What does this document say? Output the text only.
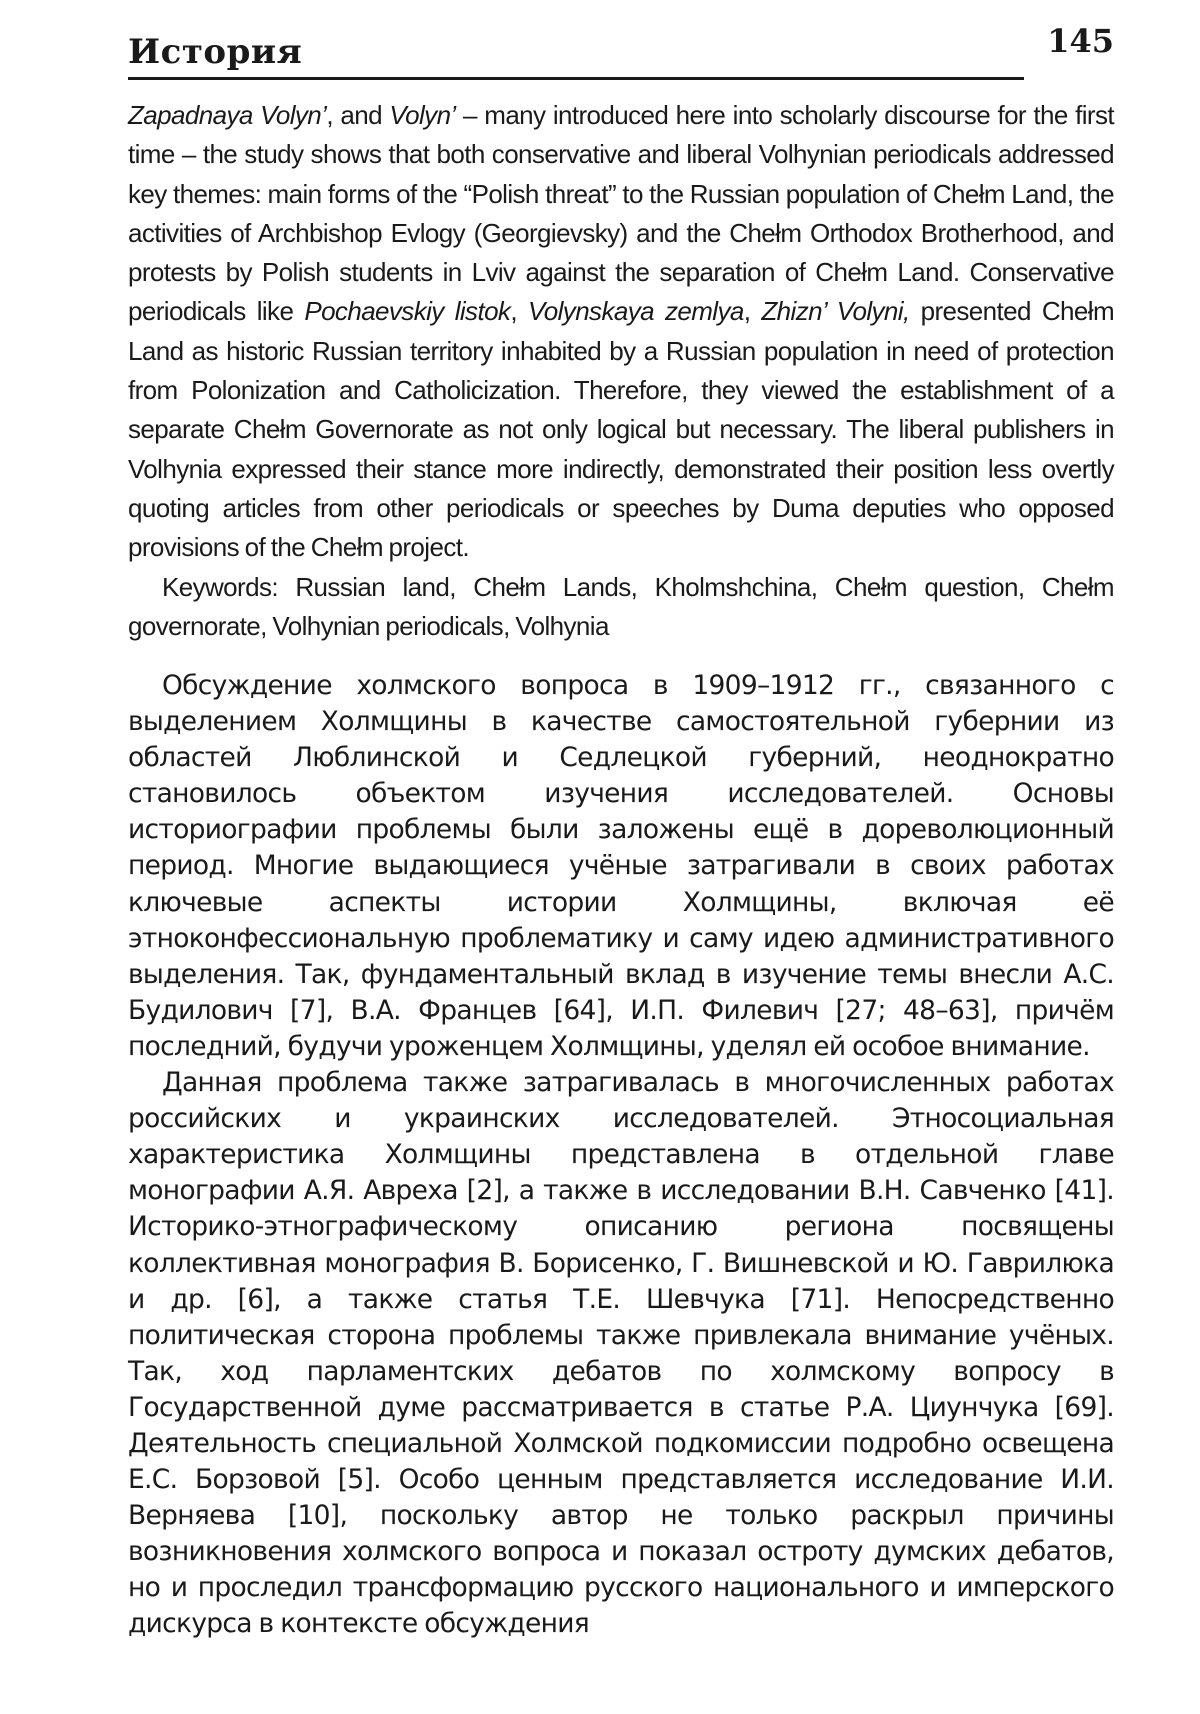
История	145

Zapadnaya Volyn’, and Volyn’ – many introduced here into scholarly discourse for the first time – the study shows that both conservative and liberal Volhynian periodicals addressed key themes: main forms of the “Polish threat” to the Russian population of Chełm Land, the activities of Archbishop Evlogy (Georgievsky) and the Chełm Orthodox Brotherhood, and protests by Polish students in Lviv against the separation of Chełm Land. Conservative periodicals like Pochaevskiy listok, Volynskaya zemlya, Zhizn’ Volyni, presented Chełm Land as historic Russian territory inhabited by a Russian population in need of protection from Polonization and Catholicization. Therefore, they viewed the establishment of a separate Chełm Governorate as not only logical but necessary. The liberal publishers in Volhynia expressed their stance more indirectly, demonstrated their position less overtly quoting articles from other periodicals or speeches by Duma deputies who opposed provisions of the Chełm project.

Keywords: Russian land, Chełm Lands, Kholmshchina, Chełm question, Chełm governorate, Volhynian periodicals, Volhynia

Обсуждение холмского вопроса в 1909–1912 гг., связанного с выделением Холмщины в качестве самостоятельной губернии из областей Люблинской и Седлецкой губерний, неоднократно становилось объектом изучения исследователей. Основы историографии проблемы были заложены ещё в дореволюционный период. Многие выдающиеся учёные затрагивали в своих работах ключевые аспекты истории Холмщины, включая её этноконфессиональную проблематику и саму идею административного выделения. Так, фундаментальный вклад в изучение темы внесли А.С. Будилович [7], В.А. Францев [64], И.П. Филевич [27; 48–63], причём последний, будучи уроженцем Холмщины, уделял ей особое внимание.

Данная проблема также затрагивалась в многочисленных работах российских и украинских исследователей. Этносоциальная характеристика Холмщины представлена в отдельной главе монографии А.Я. Авреха [2], а также в исследовании В.Н. Савченко [41]. Историко-этнографическому описанию региона посвящены коллективная монография В. Борисенко, Г. Вишневской и Ю. Гаврилюка и др. [6], а также статья Т.Е. Шевчука [71]. Непосредственно политическая сторона проблемы также привлекала внимание учёных. Так, ход парламентских дебатов по холмскому вопросу в Государственной думе рассматривается в статье Р.А. Циунчука [69]. Деятельность специальной Холмской подкомиссии подробно освещена Е.С. Борзовой [5]. Особо ценным представляется исследование И.И. Верняева [10], поскольку автор не только раскрыл причины возникновения холмского вопроса и показал остроту думских дебатов, но и проследил трансформацию русского национального и имперского дискурса в контексте обсуждения
